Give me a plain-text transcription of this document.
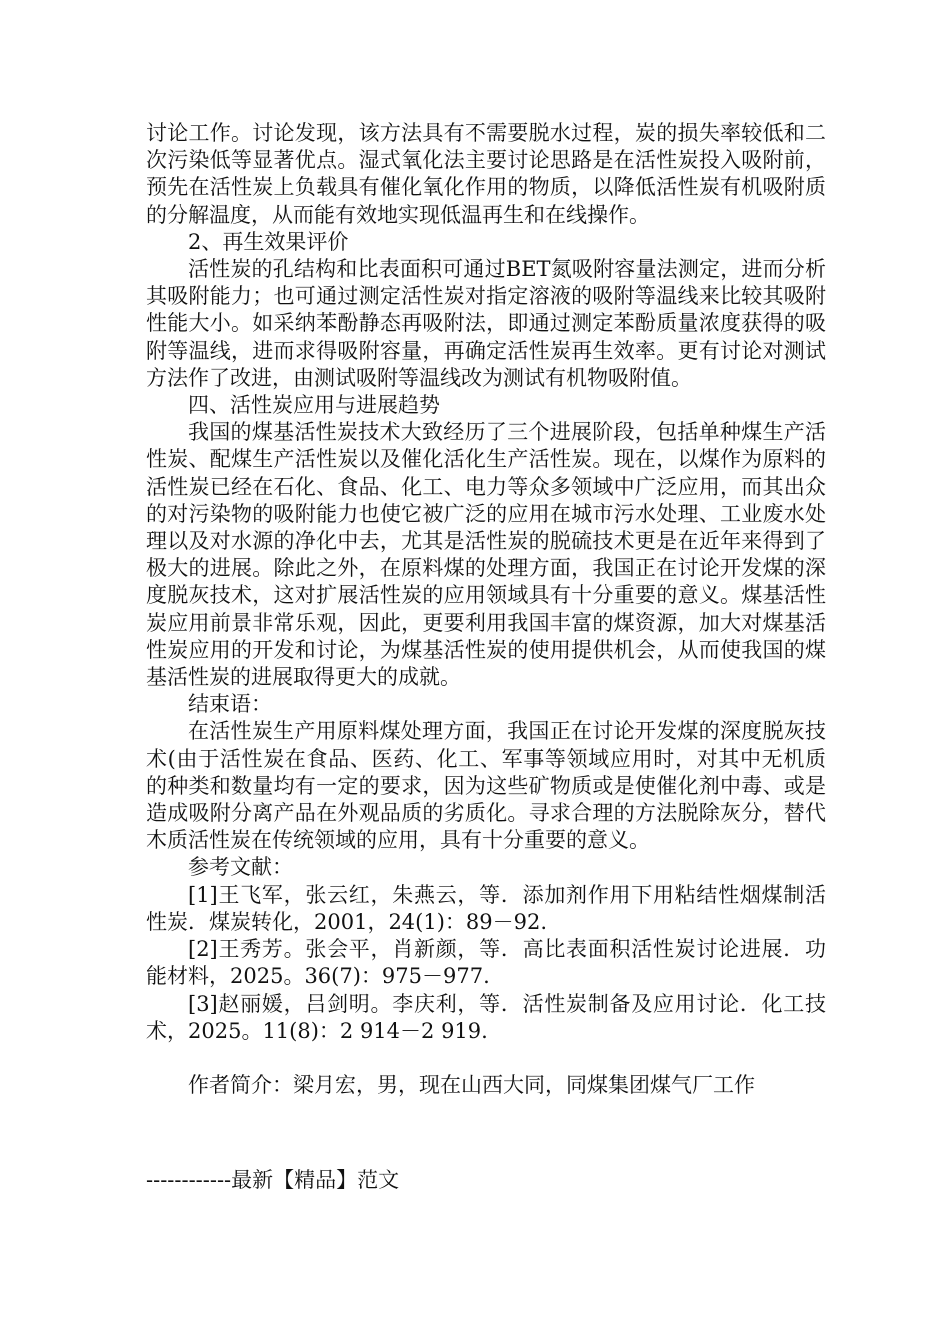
讨论工作。讨论发现，该方法具有不需要脱水过程，炭的损失率较低和二次污染低等显著优点。湿式氧化法主要讨论思路是在活性炭投入吸附前，预先在活性炭上负载具有催化氧化作用的物质，以降低活性炭有机吸附质的分解温度，从而能有效地实现低温再生和在线操作。

2、再生效果评价

活性炭的孔结构和比表面积可通过BET氮吸附容量法测定，进而分析其吸附能力；也可通过测定活性炭对指定溶液的吸附等温线来比较其吸附性能大小。如采纳苯酚静态再吸附法，即通过测定苯酚质量浓度获得的吸附等温线，进而求得吸附容量，再确定活性炭再生效率。更有讨论对测试方法作了改进，由测试吸附等温线改为测试有机物吸附值。

四、活性炭应用与进展趋势

我国的煤基活性炭技术大致经历了三个进展阶段，包括单种煤生产活性炭、配煤生产活性炭以及催化活化生产活性炭。现在，以煤作为原料的活性炭已经在石化、食品、化工、电力等众多领域中广泛应用，而其出众的对污染物的吸附能力也使它被广泛的应用在城市污水处理、工业废水处理以及对水源的净化中去，尤其是活性炭的脱硫技术更是在近年来得到了极大的进展。除此之外，在原料煤的处理方面，我国正在讨论开发煤的深度脱灰技术，这对扩展活性炭的应用领域具有十分重要的意义。煤基活性炭应用前景非常乐观，因此，更要利用我国丰富的煤资源，加大对煤基活性炭应用的开发和讨论，为煤基活性炭的使用提供机会，从而使我国的煤基活性炭的进展取得更大的成就。

结束语：

在活性炭生产用原料煤处理方面，我国正在讨论开发煤的深度脱灰技术(由于活性炭在食品、医药、化工、军事等领域应用时，对其中无机质的种类和数量均有一定的要求，因为这些矿物质或是使催化剂中毒、或是造成吸附分离产品在外观品质的劣质化。寻求合理的方法脱除灰分，替代木质活性炭在传统领域的应用，具有十分重要的意义。

参考文献：

[1]王飞军，张云红，朱燕云，等．添加剂作用下用粘结性烟煤制活性炭．煤炭转化，2001，24(1)：89－92.

[2]王秀芳。张会平，肖新颜，等．高比表面积活性炭讨论进展．功能材料，2025。36(7)：975－977.

[3]赵丽媛，吕剑明。李庆利，等．活性炭制备及应用讨论．化工技术，2025。11(8)：2 914－2 919.

作者简介：梁月宏，男，现在山西大同，同煤集团煤气厂工作

------------最新【精品】范文
